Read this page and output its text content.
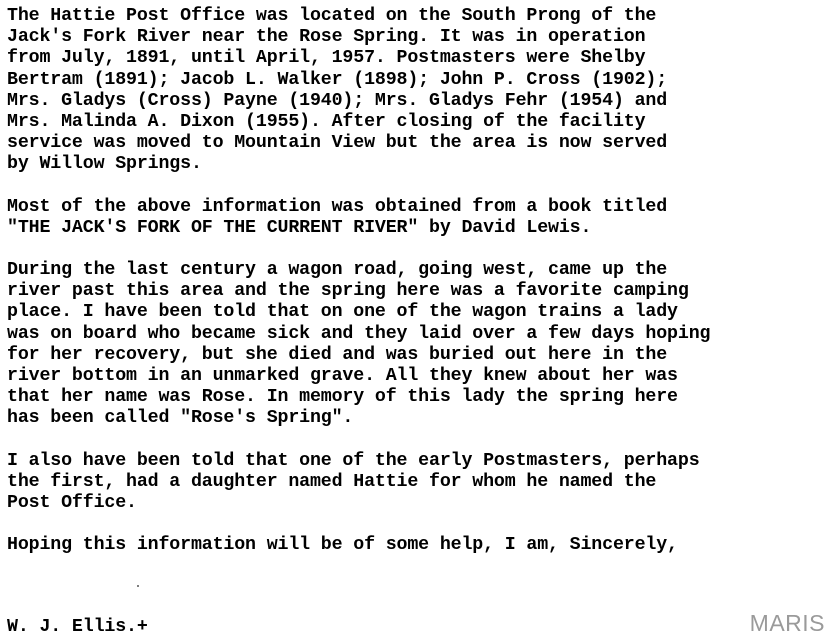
The Hattie Post Office was located on the South Prong of the
Jack's Fork River near the Rose Spring. It was in operation
from July, 1891, until April, 1957. Postmasters were Shelby
Bertram (1891); Jacob L. Walker (1898); John P. Cross (1902);
Mrs. Gladys (Cross) Payne (1940); Mrs. Gladys Fehr (1954) and
Mrs. Malinda A. Dixon (1955). After closing of the facility
service was moved to Mountain View but the area is now served
by Willow Springs.
Most of the above information was obtained from a book titled
"THE JACK'S FORK OF THE CURRENT RIVER" by David Lewis.
During the last century a wagon road, going west, came up the
river past this area and the spring here was a favorite camping
place. I have been told that on one of the wagon trains a lady
was on board who became sick and they laid over a few days hoping
for her recovery, but she died and was buried out here in the
river bottom in an unmarked grave. All they knew about her was
that her name was Rose. In memory of this lady the spring here
has been called "Rose's Spring".
I also have been told that one of the early Postmasters, perhaps
the first, had a daughter named Hattie for whom he named the
Post Office.
Hoping this information will be of some help, I am, Sincerely,
W. J. Ellis.+	MARIS
